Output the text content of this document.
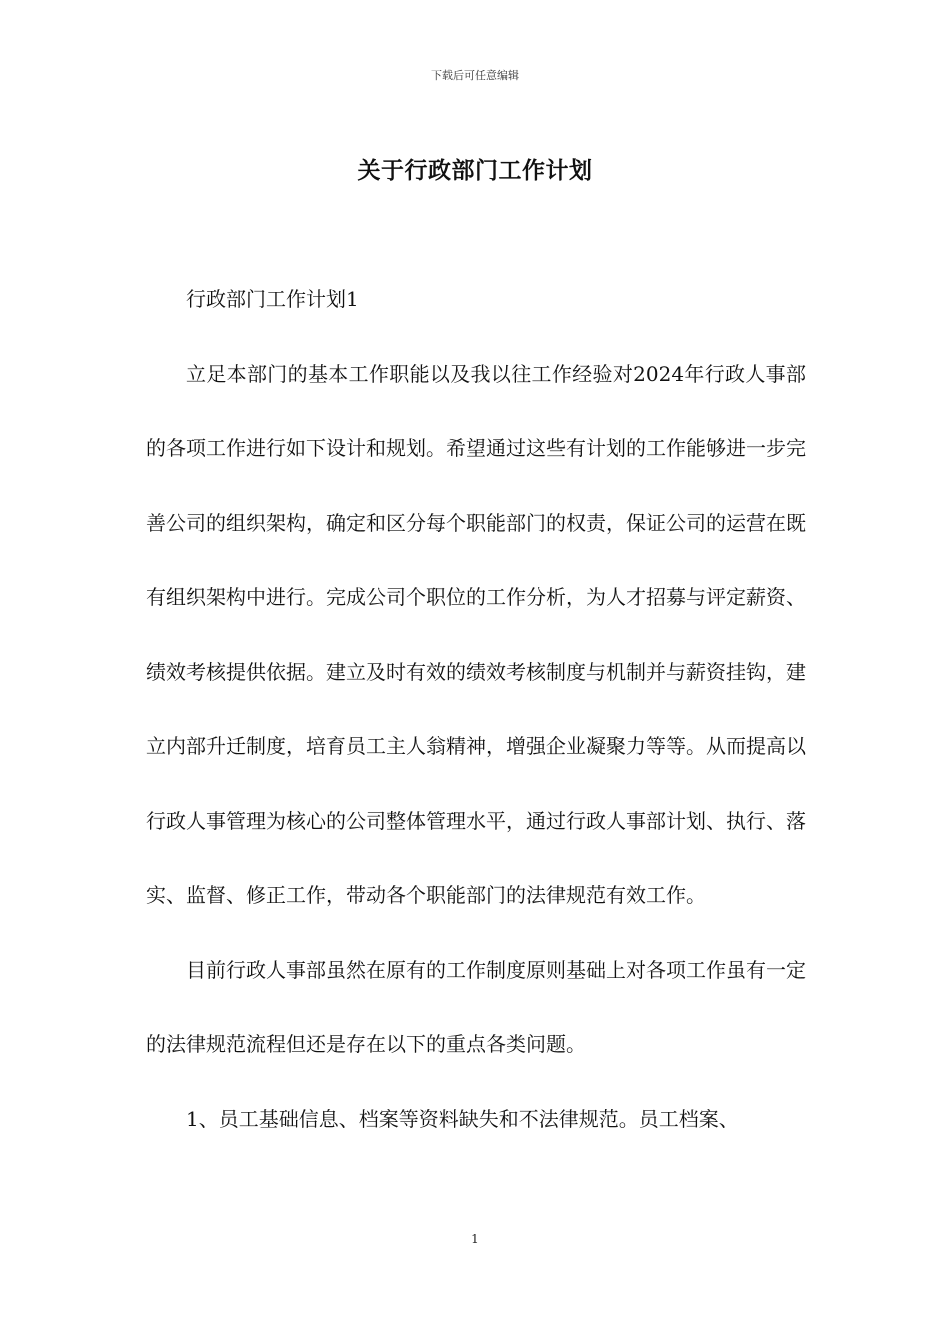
下载后可任意编辑
关于行政部门工作计划

行政部门工作计划1

立足本部门的基本工作职能以及我以往工作经验对2024年行政人事部的各项工作进行如下设计和规划。希望通过这些有计划的工作能够进一步完善公司的组织架构，确定和区分每个职能部门的权责，保证公司的运营在既有组织架构中进行。完成公司个职位的工作分析，为人才招募与评定薪资、绩效考核提供依据。建立及时有效的绩效考核制度与机制并与薪资挂钩，建立内部升迁制度，培育员工主人翁精神，增强企业凝聚力等等。从而提高以行政人事管理为核心的公司整体管理水平，通过行政人事部计划、执行、落实、监督、修正工作，带动各个职能部门的法律规范有效工作。

目前行政人事部虽然在原有的工作制度原则基础上对各项工作虽有一定的法律规范流程但还是存在以下的重点各类问题。

1、员工基础信息、档案等资料缺失和不法律规范。员工档案、

1
